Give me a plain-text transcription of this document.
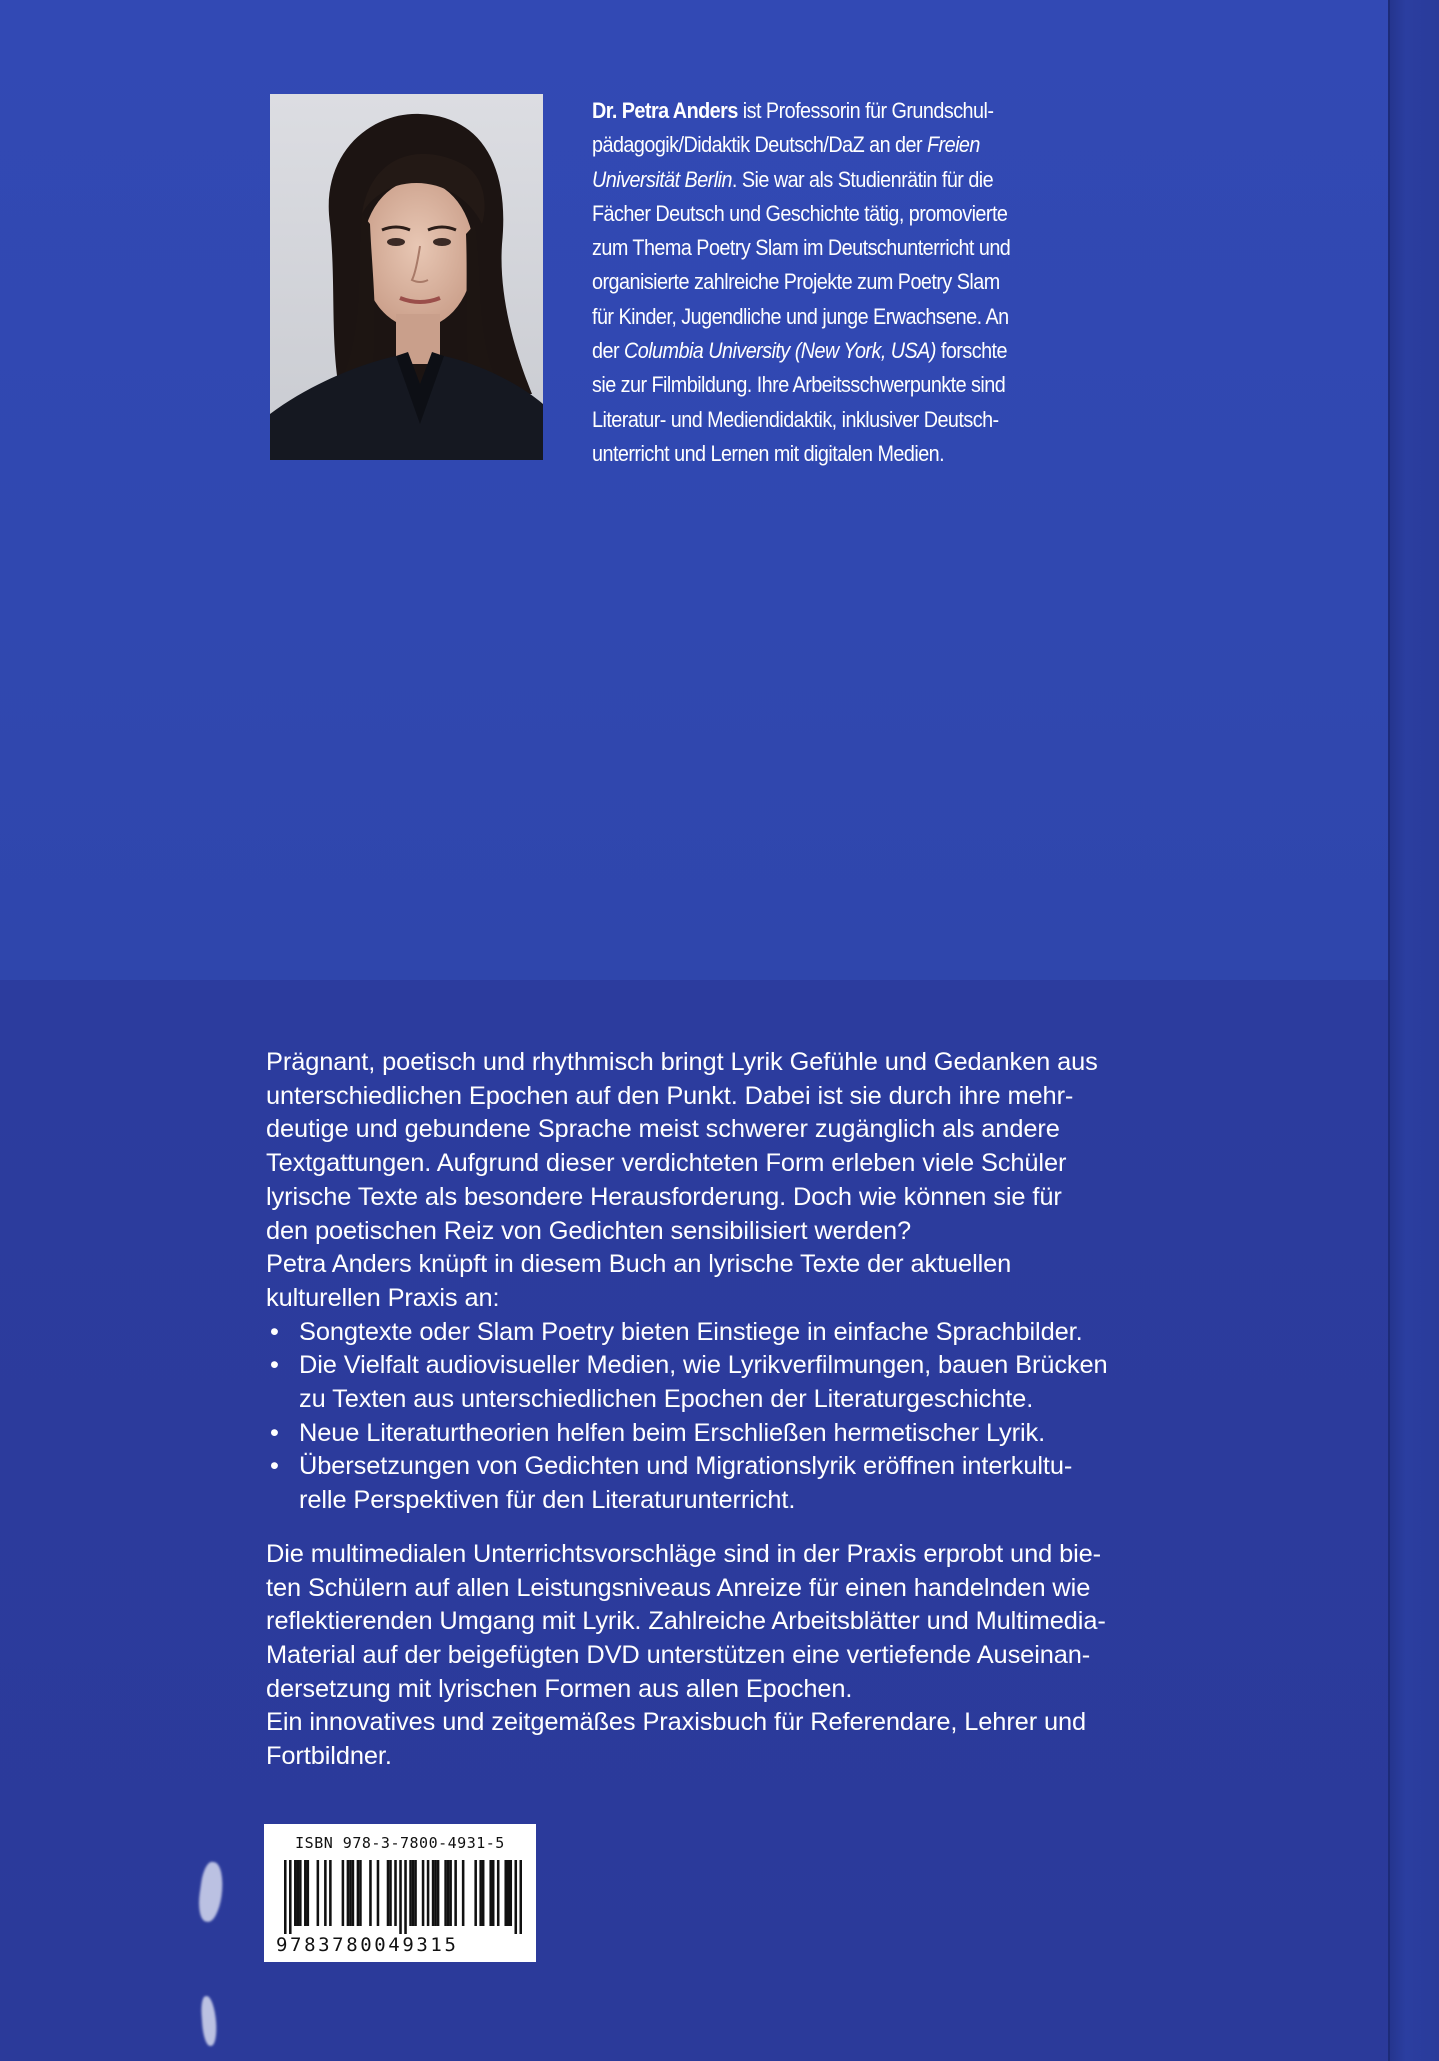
Dr. Petra Anders ist Professorin für Grundschul-
pädagogik/Didaktik Deutsch/DaZ an der Freien
Universität Berlin. Sie war als Studienrätin für die
Fächer Deutsch und Geschichte tätig, promovierte
zum Thema Poetry Slam im Deutschunterricht und
organisierte zahlreiche Projekte zum Poetry Slam
für Kinder, Jugendliche und junge Erwachsene. An
der Columbia University (New York, USA) forschte
sie zur Filmbildung. Ihre Arbeitsschwerpunkte sind
Literatur- und Mediendidaktik, inklusiver Deutsch-
unterricht und Lernen mit digitalen Medien.
Prägnant, poetisch und rhythmisch bringt Lyrik Gefühle und Gedanken aus
unterschiedlichen Epochen auf den Punkt. Dabei ist sie durch ihre mehr-
deutige und gebundene Sprache meist schwerer zugänglich als andere
Textgattungen. Aufgrund dieser verdichteten Form erleben viele Schüler
lyrische Texte als besondere Herausforderung. Doch wie können sie für
den poetischen Reiz von Gedichten sensibilisiert werden?
Petra Anders knüpft in diesem Buch an lyrische Texte der aktuellen
kulturellen Praxis an:
• Songtexte oder Slam Poetry bieten Einstiege in einfache Sprachbilder.
• Die Vielfalt audiovisueller Medien, wie Lyrikverfilmungen, bauen Brücken
zu Texten aus unterschiedlichen Epochen der Literaturgeschichte.
• Neue Literaturtheorien helfen beim Erschließen hermetischer Lyrik.
• Übersetzungen von Gedichten und Migrationslyrik eröffnen interkultu-
relle Perspektiven für den Literaturunterricht.
Die multimedialen Unterrichtsvorschläge sind in der Praxis erprobt und bie-
ten Schülern auf allen Leistungsniveaus Anreize für einen handelnden wie
reflektierenden Umgang mit Lyrik. Zahlreiche Arbeitsblätter und Multimedia-
Material auf der beigefügten DVD unterstützen eine vertiefende Auseinan-
dersetzung mit lyrischen Formen aus allen Epochen.
Ein innovatives und zeitgemäßes Praxisbuch für Referendare, Lehrer und
Fortbildner.
ISBN 978-3-7800-4931-5
9783780049315
